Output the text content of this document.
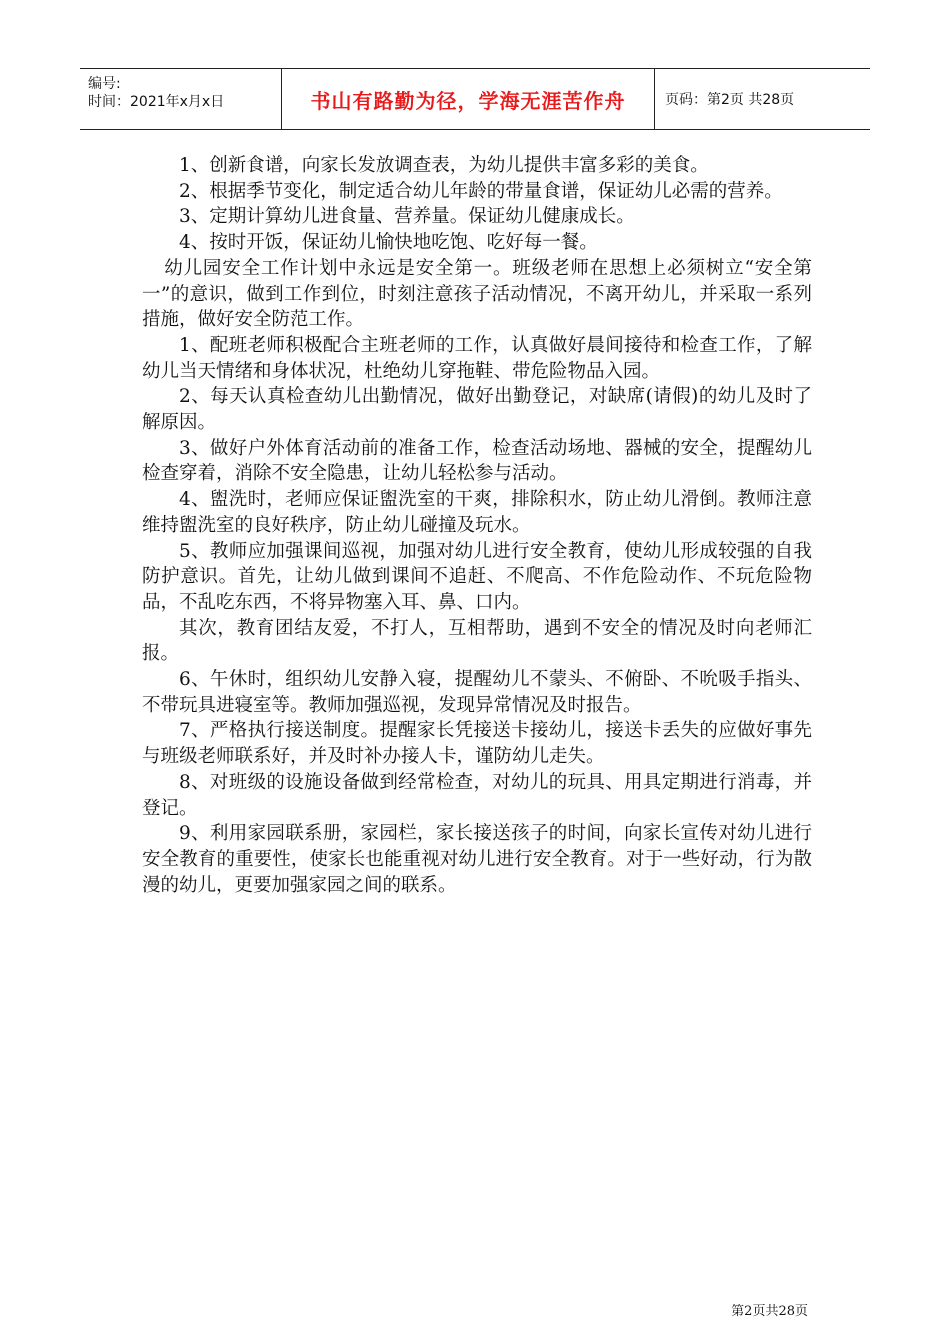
编号:
时间：2021年x月x日	书山有路勤为径，学海无涯苦作舟	页码：第2页 共28页

1、创新食谱，向家长发放调查表，为幼儿提供丰富多彩的美食。

2、根据季节变化，制定适合幼儿年龄的带量食谱，保证幼儿必需的营养。

3、定期计算幼儿进食量、营养量。保证幼儿健康成长。

4、按时开饭，保证幼儿愉快地吃饱、吃好每一餐。

幼儿园安全工作计划中永远是安全第一。班级老师在思想上必须树立“安全第一”的意识，做到工作到位，时刻注意孩子活动情况，不离开幼儿，并采取一系列措施，做好安全防范工作。

1、配班老师积极配合主班老师的工作，认真做好晨间接待和检查工作，了解幼儿当天情绪和身体状况，杜绝幼儿穿拖鞋、带危险物品入园。

2、每天认真检查幼儿出勤情况，做好出勤登记，对缺席(请假)的幼儿及时了解原因。

3、做好户外体育活动前的准备工作，检查活动场地、器械的安全，提醒幼儿检查穿着，消除不安全隐患，让幼儿轻松参与活动。

4、盥洗时，老师应保证盥洗室的干爽，排除积水，防止幼儿滑倒。教师注意维持盥洗室的良好秩序，防止幼儿碰撞及玩水。

5、教师应加强课间巡视，加强对幼儿进行安全教育，使幼儿形成较强的自我防护意识。首先，让幼儿做到课间不追赶、不爬高、不作危险动作、不玩危险物品，不乱吃东西，不将异物塞入耳、鼻、口内。

其次，教育团结友爱，不打人，互相帮助，遇到不安全的情况及时向老师汇报。

6、午休时，组织幼儿安静入寝，提醒幼儿不蒙头、不俯卧、不吮吸手指头、不带玩具进寝室等。教师加强巡视，发现异常情况及时报告。

7、严格执行接送制度。提醒家长凭接送卡接幼儿，接送卡丢失的应做好事先与班级老师联系好，并及时补办接人卡，谨防幼儿走失。

8、对班级的设施设备做到经常检查，对幼儿的玩具、用具定期进行消毒，并登记。

9、利用家园联系册，家园栏，家长接送孩子的时间，向家长宣传对幼儿进行安全教育的重要性，使家长也能重视对幼儿进行安全教育。对于一些好动，行为散漫的幼儿，更要加强家园之间的联系。

第2页共28页
